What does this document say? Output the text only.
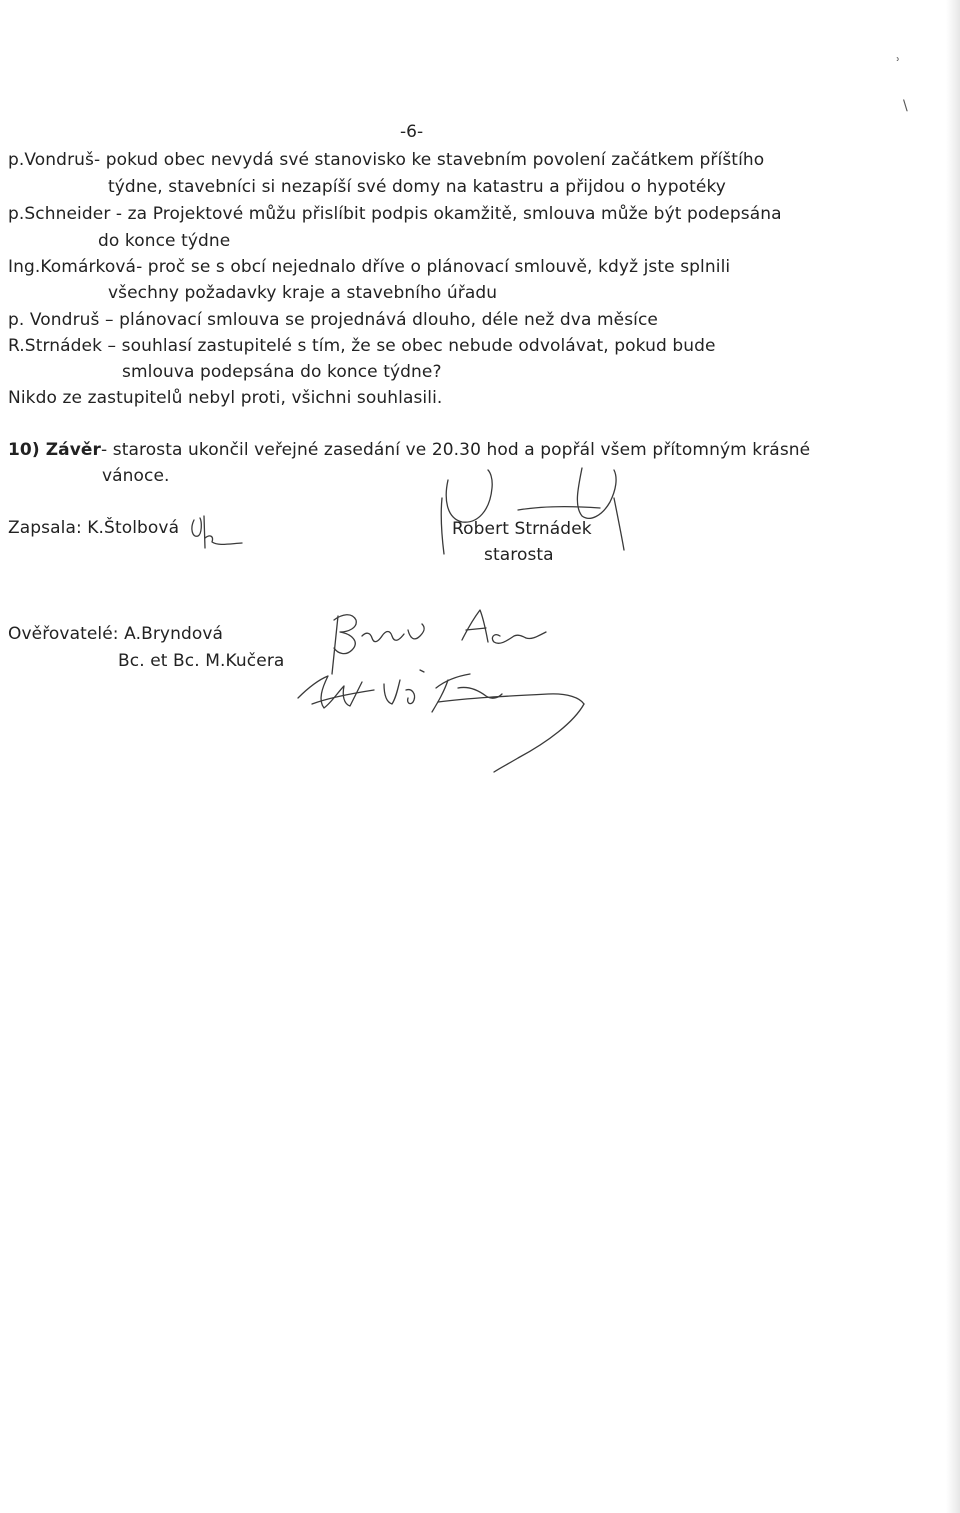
ʾ
\
-6-
p.Vondruš- pokud obec nevydá své stanovisko ke stavebním povolení začátkem příštího
týdne, stavebníci si nezapíší své domy na katastru a přijdou o hypotéky
p.Schneider - za Projektové můžu přislíbit podpis okamžitě, smlouva může být podepsána
do konce týdne
Ing.Komárková- proč se s obcí nejednalo dříve o plánovací smlouvě, když jste splnili
všechny požadavky kraje a stavebního úřadu
p. Vondruš – plánovací smlouva se projednává dlouho, déle než dva měsíce
R.Strnádek – souhlasí zastupitelé s tím, že se obec nebude odvolávat, pokud bude
smlouva podepsána do konce týdne?
Nikdo ze zastupitelů nebyl proti, všichni souhlasili.
10) Závěr- starosta ukončil veřejné zasedání ve 20.30 hod a popřál všem přítomným krásné
vánoce.
Zapsala: K.Štolbová	Robert Strnádek
starosta
Ověřovatelé: A.Bryndová
Bc. et Bc. M.Kučera
